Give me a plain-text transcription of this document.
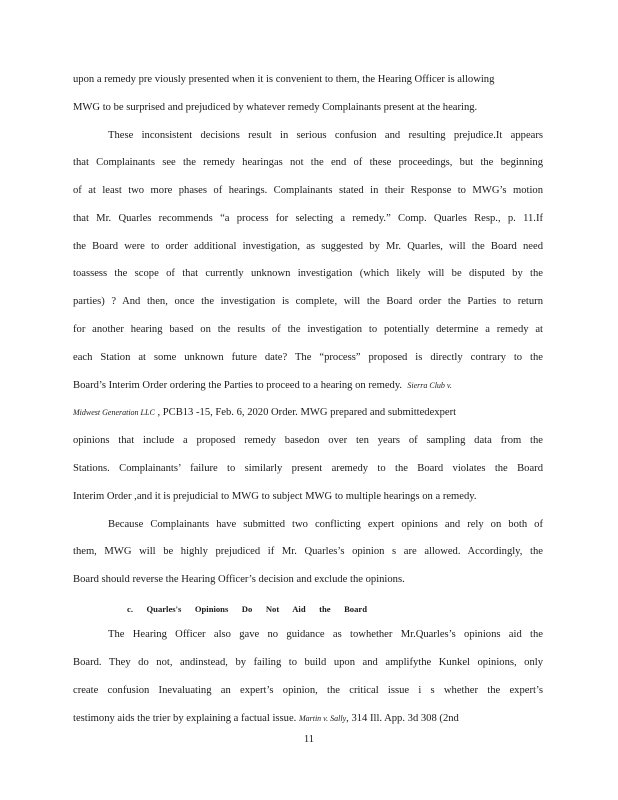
upon a remedy pre viously presented when it is convenient to them, the Hearing Officer is allowing
MWG to be surprised and prejudiced by whatever remedy Complainants present at the hearing.
These inconsistent decisions result in serious confusion and resulting prejudice.It appears
that Complainants see the remedy hearingas not the end of these proceedings, but the beginning
of at least two more phases of hearings. Complainants stated in their Response to MWG’s motion
that Mr. Quarles recommends “a process for selecting a remedy.” Comp. Quarles Resp., p. 11.If
the Board were to order additional investigation, as suggested by Mr. Quarles, will the Board need
toassess the scope of that currently unknown investigation (which likely will be disputed by the
parties) ? And then, once the investigation is complete, will the Board order the Parties to return
for another hearing based on the results of the investigation to potentially determine a remedy at
each Station at some unknown future date? The “process” proposed is directly contrary to the
Board’s Interim Order ordering the Parties to proceed to a hearing on remedy. Sierra Club v.
Midwest Generation LLC , PCB13 -15, Feb. 6, 2020 Order. MWG prepared and submittedexpert
opinions that include a proposed remedy basedon over ten years of sampling data from the
Stations. Complainants’ failure to similarly present aremedy to the Board violates the Board
Interim Order ,and it is prejudicial to MWG to subject MWG to multiple hearings on a remedy.
Because Complainants have submitted two conflicting expert opinions and rely on both of
them, MWG will be highly prejudiced if Mr. Quarles’s opinion s are allowed. Accordingly, the
Board should reverse the Hearing Officer’s decision and exclude the opinions.
c. Quarles's Opinions Do Not Aid the Board
The Hearing Officer also gave no guidance as towhether Mr.Quarles’s opinions aid the
Board. They do not, andinstead, by failing to build upon and amplifythe Kunkel opinions, only
create confusion Inevaluating an expert’s opinion, the critical issue i s whether the expert’s
testimony aids the trier by explaining a factual issue. Martin v. Sally, 314 Ill. App. 3d 308 (2nd
11
